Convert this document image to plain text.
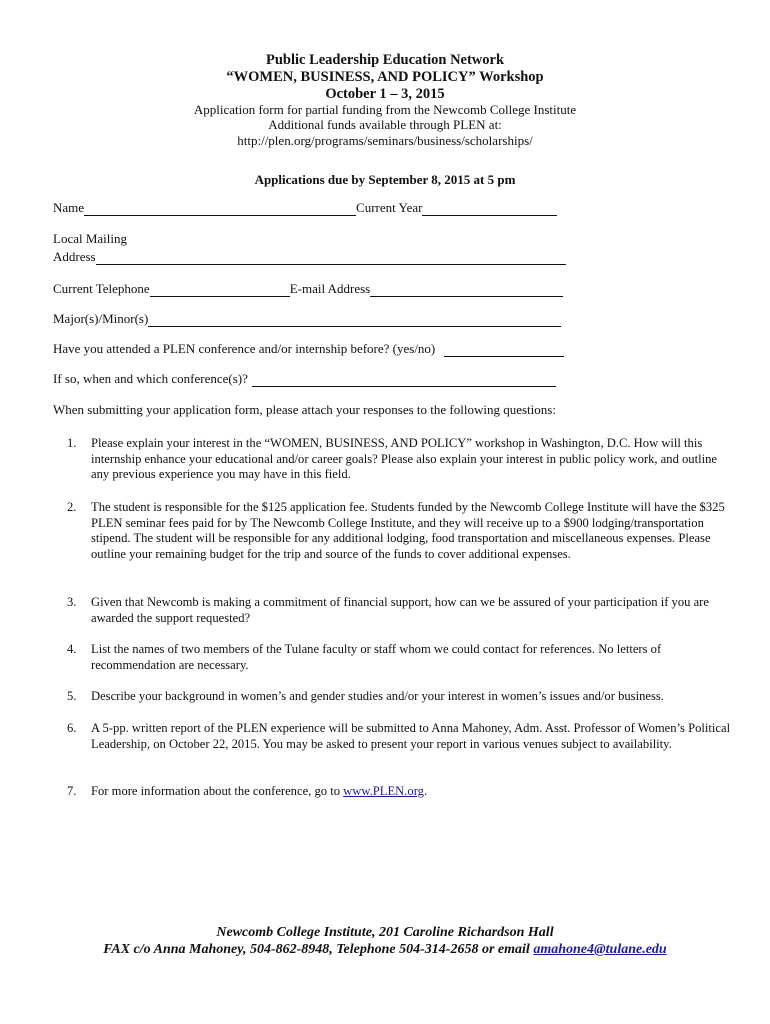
Public Leadership Education Network
“WOMEN, BUSINESS, AND POLICY” Workshop
October 1 – 3, 2015
Application form for partial funding from the Newcomb College Institute
Additional funds available through PLEN at:
http://plen.org/programs/seminars/business/scholarships/
Applications due by September 8, 2015 at 5 pm
Name	Current Year
Local Mailing
Address
Current Telephone	E-mail Address
Major(s)/Minor(s)
Have you attended a PLEN conference and/or internship before? (yes/no)
If so, when and which conference(s)?
When submitting your application form, please attach your responses to the following questions:
1. Please explain your interest in the “WOMEN, BUSINESS, AND POLICY” workshop in Washington, D.C. How will this internship enhance your educational and/or career goals? Please also explain your interest in public policy work, and outline any previous experience you may have in this field.
2. The student is responsible for the $125 application fee. Students funded by the Newcomb College Institute will have the $325 PLEN seminar fees paid for by The Newcomb College Institute, and they will receive up to a $900 lodging/transportation stipend. The student will be responsible for any additional lodging, food transportation and miscellaneous expenses. Please outline your remaining budget for the trip and source of the funds to cover additional expenses.
3. Given that Newcomb is making a commitment of financial support, how can we be assured of your participation if you are awarded the support requested?
4. List the names of two members of the Tulane faculty or staff whom we could contact for references. No letters of recommendation are necessary.
5. Describe your background in women’s and gender studies and/or your interest in women’s issues and/or business.
6. A 5-pp. written report of the PLEN experience will be submitted to Anna Mahoney, Adm. Asst. Professor of Women’s Political Leadership, on October 22, 2015. You may be asked to present your report in various venues subject to availability.
7. For more information about the conference, go to www.PLEN.org.
Newcomb College Institute, 201 Caroline Richardson Hall
FAX c/o Anna Mahoney, 504-862-8948, Telephone 504-314-2658 or email amahone4@tulane.edu
